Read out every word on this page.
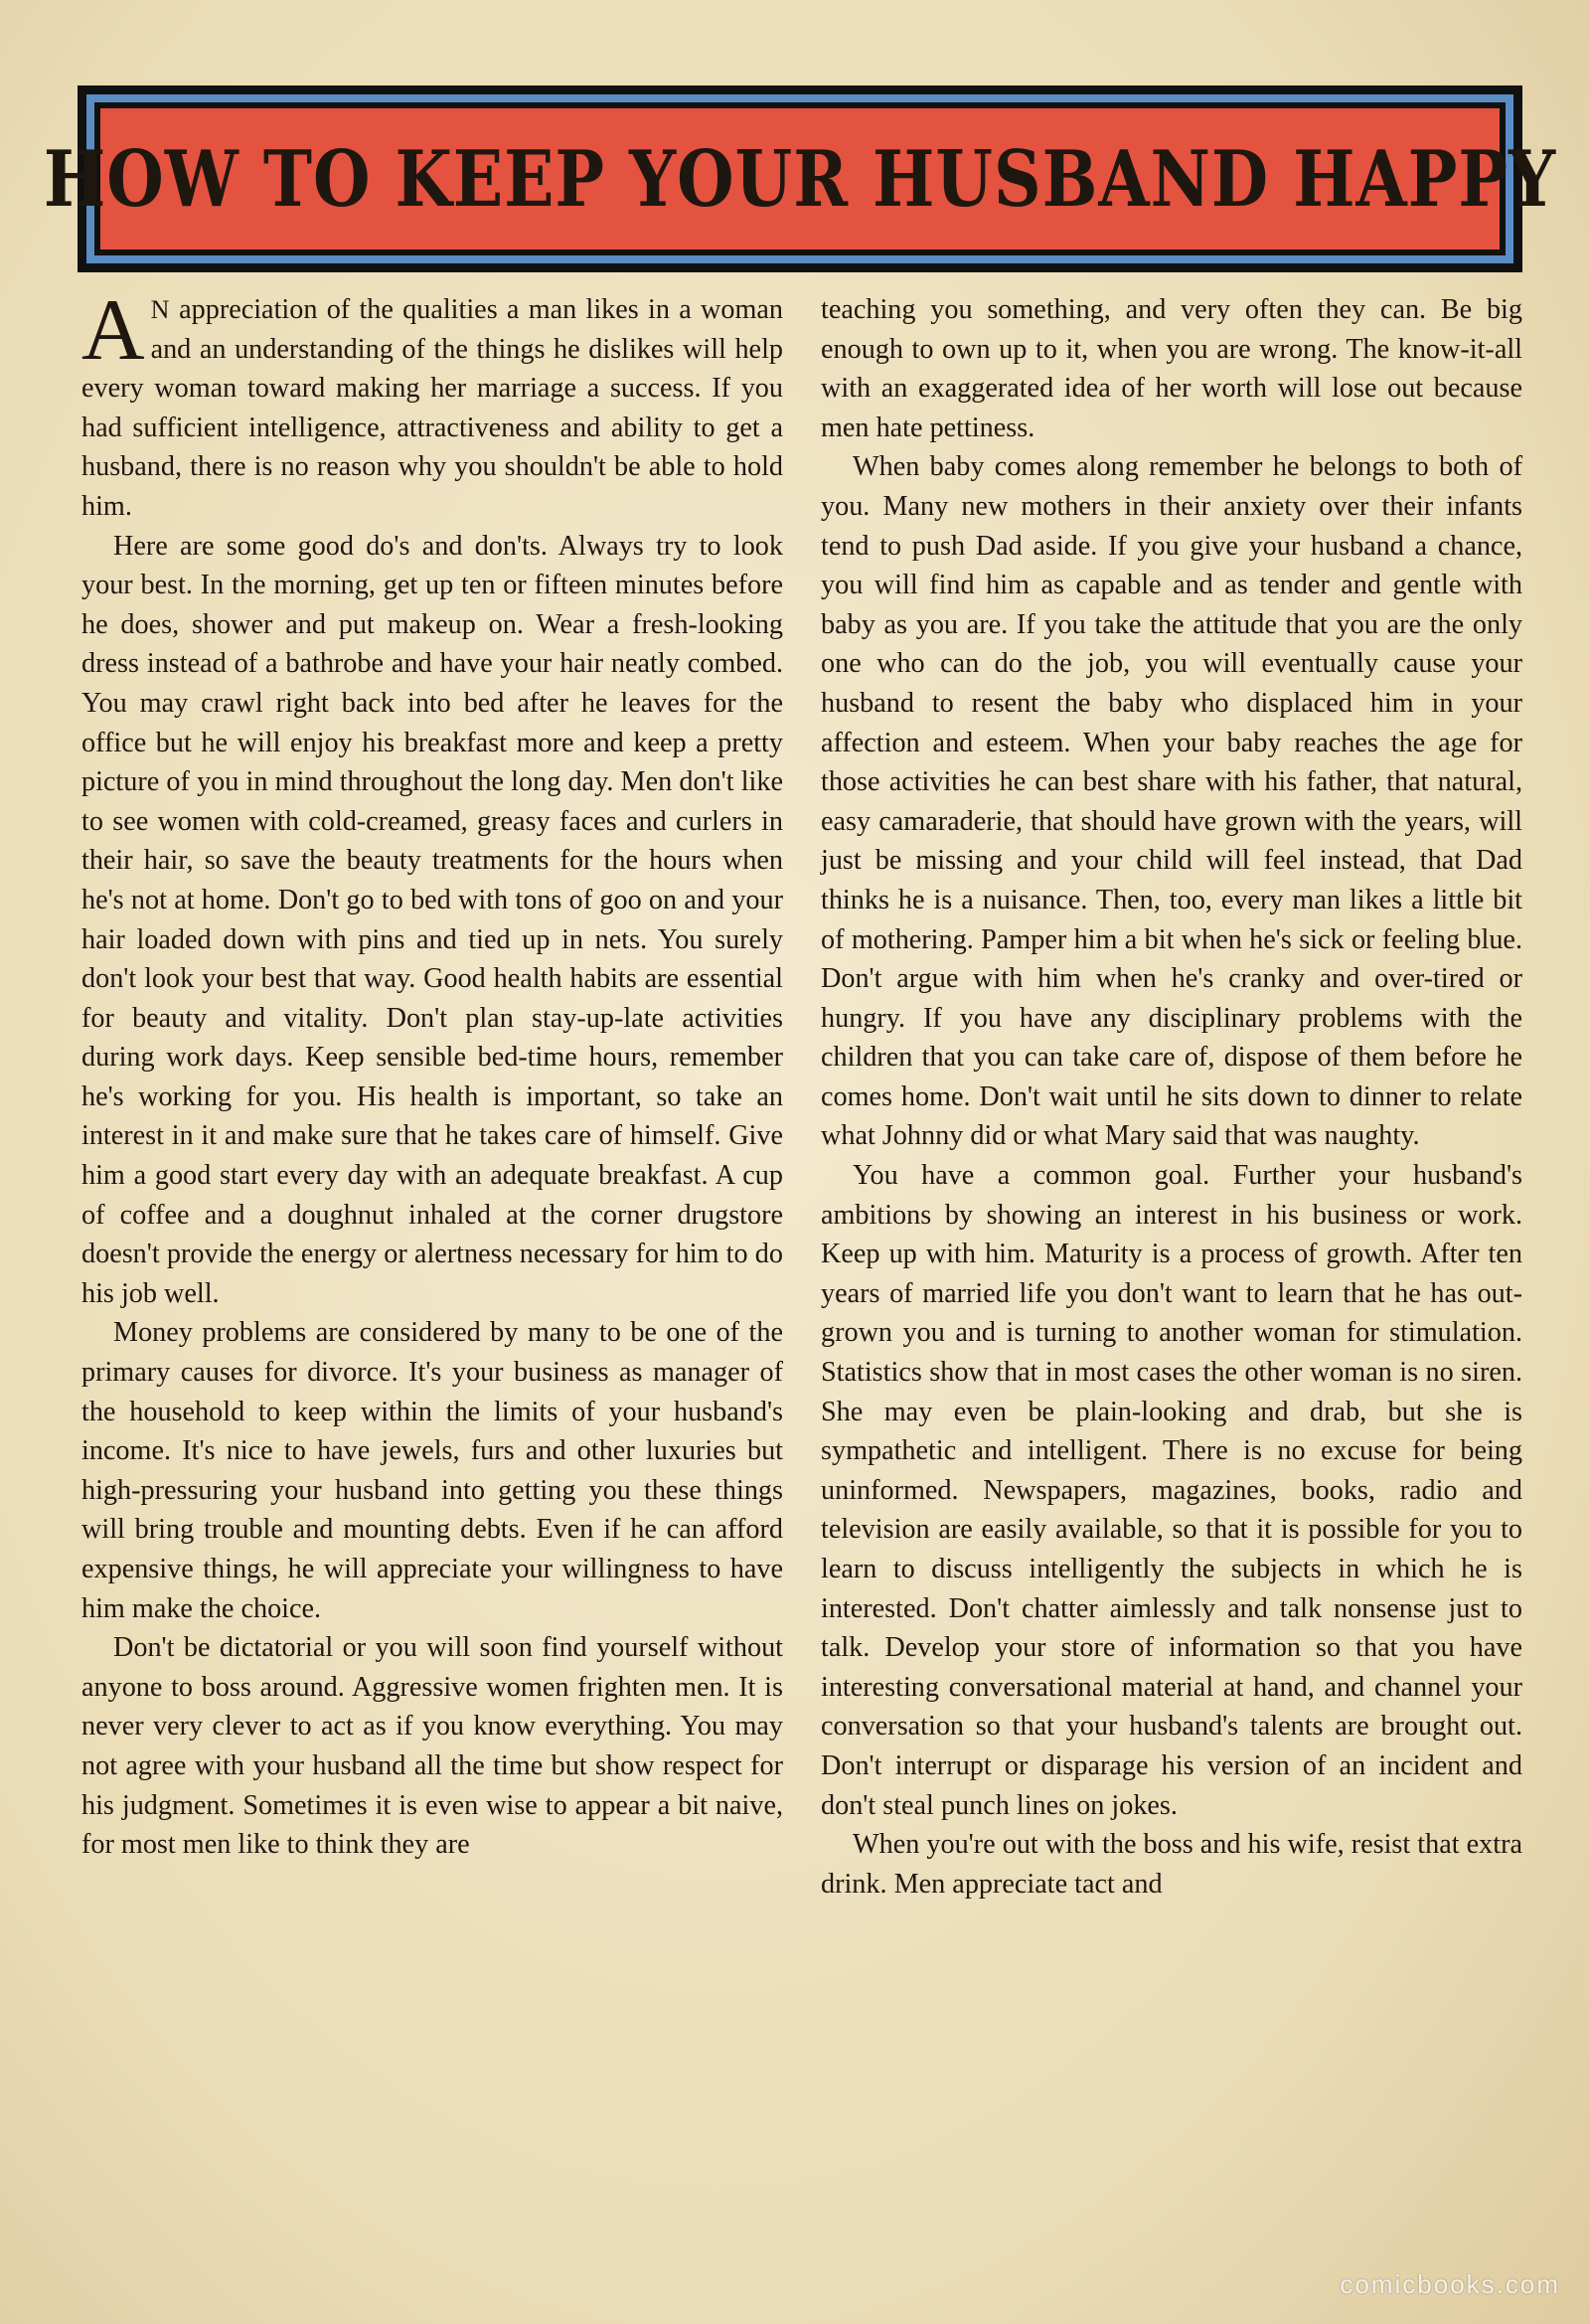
HOW TO KEEP YOUR HUSBAND HAPPY

A N appreciation of the qualities a man likes in a woman and an understanding of the things he dislikes will help every woman toward making her marriage a success. If you had sufficient intelligence, attractiveness and ability to get a husband, there is no reason why you shouldn't be able to hold him.

Here are some good do's and don'ts. Always try to look your best. In the morning, get up ten or fifteen minutes before he does, shower and put makeup on. Wear a fresh-looking dress instead of a bathrobe and have your hair neatly combed. You may crawl right back into bed after he leaves for the office but he will enjoy his breakfast more and keep a pretty picture of you in mind throughout the long day. Men don't like to see women with cold-creamed, greasy faces and curlers in their hair, so save the beauty treatments for the hours when he's not at home. Don't go to bed with tons of goo on and your hair loaded down with pins and tied up in nets. You surely don't look your best that way. Good health habits are essential for beauty and vitality. Don't plan stay-up-late activities during work days. Keep sensible bed-time hours, remember he's working for you. His health is important, so take an interest in it and make sure that he takes care of himself. Give him a good start every day with an adequate breakfast. A cup of coffee and a doughnut inhaled at the corner drugstore doesn't provide the energy or alertness necessary for him to do his job well.

Money problems are considered by many to be one of the primary causes for divorce. It's your business as manager of the household to keep within the limits of your husband's income. It's nice to have jewels, furs and other luxuries but high-pressuring your husband into getting you these things will bring trouble and mounting debts. Even if he can afford expensive things, he will appreciate your willingness to have him make the choice.

Don't be dictatorial or you will soon find yourself without anyone to boss around. Aggressive women frighten men. It is never very clever to act as if you know everything. You may not agree with your husband all the time but show respect for his judgment. Sometimes it is even wise to appear a bit naive, for most men like to think they are

teaching you something, and very often they can. Be big enough to own up to it, when you are wrong. The know-it-all with an exaggerated idea of her worth will lose out because men hate pettiness.

When baby comes along remember he belongs to both of you. Many new mothers in their anxiety over their infants tend to push Dad aside. If you give your husband a chance, you will find him as capable and as tender and gentle with baby as you are. If you take the attitude that you are the only one who can do the job, you will eventually cause your husband to resent the baby who displaced him in your affection and esteem. When your baby reaches the age for those activities he can best share with his father, that natural, easy camaraderie, that should have grown with the years, will just be missing and your child will feel instead, that Dad thinks he is a nuisance. Then, too, every man likes a little bit of mothering. Pamper him a bit when he's sick or feeling blue. Don't argue with him when he's cranky and over-tired or hungry. If you have any disciplinary problems with the children that you can take care of, dispose of them before he comes home. Don't wait until he sits down to dinner to relate what Johnny did or what Mary said that was naughty.

You have a common goal. Further your husband's ambitions by showing an interest in his business or work. Keep up with him. Maturity is a process of growth. After ten years of married life you don't want to learn that he has out-grown you and is turning to another woman for stimulation. Statistics show that in most cases the other woman is no siren. She may even be plain-looking and drab, but she is sympathetic and intelligent. There is no excuse for being uninformed. Newspapers, magazines, books, radio and television are easily available, so that it is possible for you to learn to discuss intelligently the subjects in which he is interested. Don't chatter aimlessly and talk nonsense just to talk. Develop your store of information so that you have interesting conversational material at hand, and channel your conversation so that your husband's talents are brought out. Don't interrupt or disparage his version of an incident and don't steal punch lines on jokes.

When you're out with the boss and his wife, resist that extra drink. Men appreciate tact and

comicbooks.com
